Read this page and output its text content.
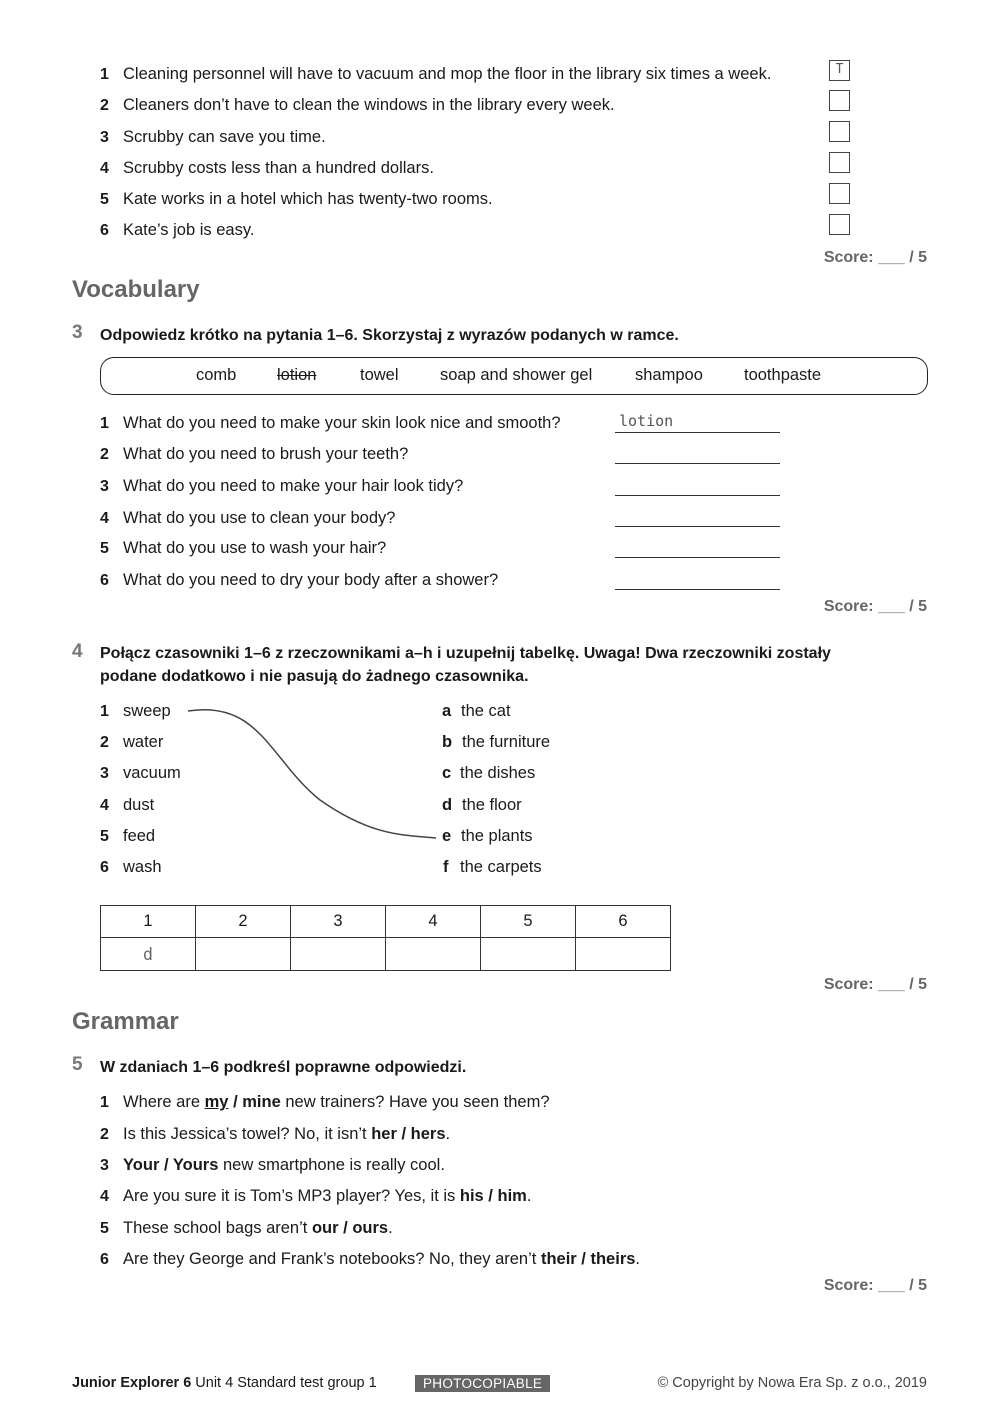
1 Cleaning personnel will have to vacuum and mop the floor in the library six times a week.	T
2 Cleaners don’t have to clean the windows in the library every week.
3 Scrubby can save you time.
4 Scrubby costs less than a hundred dollars.
5 Kate works in a hotel which has twenty-two rooms.
6 Kate’s job is easy.
Score: ___ / 5
Vocabulary
3 Odpowiedz krótko na pytania 1–6. Skorzystaj z wyrazów podanych w ramce.
comb lotion	towel	soap and shower gel	shampoo toothpaste
1 What do you need to make your skin look nice and smooth?	lotion
2 What do you need to brush your teeth?
3 What do you need to make your hair look tidy?
4 What do you use to clean your body?
5 What do you use to wash your hair?
6 What do you need to dry your body after a shower?
Score: ___ / 5
4 Połącz czasowniki 1–6 z rzeczownikami a–h i uzupełnij tabelkę. Uwaga! Dwa rzeczowniki zostały
podane dodatkowo i nie pasują do żadnego czasownika.
1 sweep
2 water
3 vacuum
4 dust
5 feed
6 wash
a the cat
b the furniture
c the dishes
d the floor
e the plants
f the carpets
1	2	3	4	5	6
d					
Score: ___ / 5
Grammar
5 W zdaniach 1–6 podkreśl poprawne odpowiedzi.
1 Where are my / mine new trainers? Have you seen them?
2 Is this Jessica’s towel? No, it isn’t her / hers.
3 Your / Yours new smartphone is really cool.
4 Are you sure it is Tom’s MP3 player? Yes, it is his / him.
5 These school bags aren’t our / ours.
6 Are they George and Frank’s notebooks? No, they aren’t their / theirs.
Score: ___ / 5
Junior Explorer 6 Unit 4 Standard test group 1	PHOTOCOPIABLE	© Copyright by Nowa Era Sp. z o.o., 2019
